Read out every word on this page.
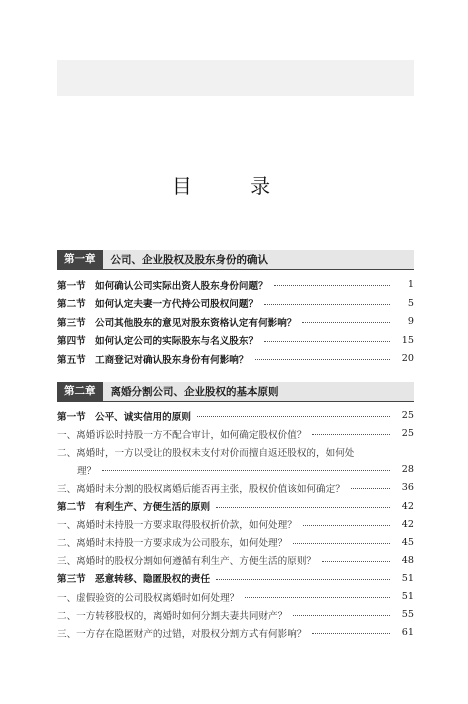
目 录
第一章	公司、企业股权及股东身份的确认
第一节 如何确认公司实际出资人股东身份问题？	1
第二节 如何认定夫妻一方代持公司股权问题？	5
第三节 公司其他股东的意见对股东资格认定有何影响？	9
第四节 如何认定公司的实际股东与名义股东？	15
第五节 工商登记对确认股东身份有何影响？	20
第二章	离婚分割公司、企业股权的基本原则
第一节 公平、诚实信用的原则	25
一、离婚诉讼时持股一方不配合审计，如何确定股权价值？	25
二、离婚时，一方以受让的股权未支付对价而擅自返还股权的，如何处
理？	28
三、离婚时未分割的股权离婚后能否再主张，股权价值该如何确定？	36
第二节 有利生产、方便生活的原则	42
一、离婚时未持股一方要求取得股权折价款，如何处理？	42
二、离婚时未持股一方要求成为公司股东，如何处理？	45
三、离婚时的股权分割如何遵循有利生产、方便生活的原则？	48
第三节 恶意转移、隐匿股权的责任	51
一、虚假验资的公司股权离婚时如何处理？	51
二、一方转移股权的，离婚时如何分割夫妻共同财产？	55
三、一方存在隐匿财产的过错，对股权分割方式有何影响？	61
